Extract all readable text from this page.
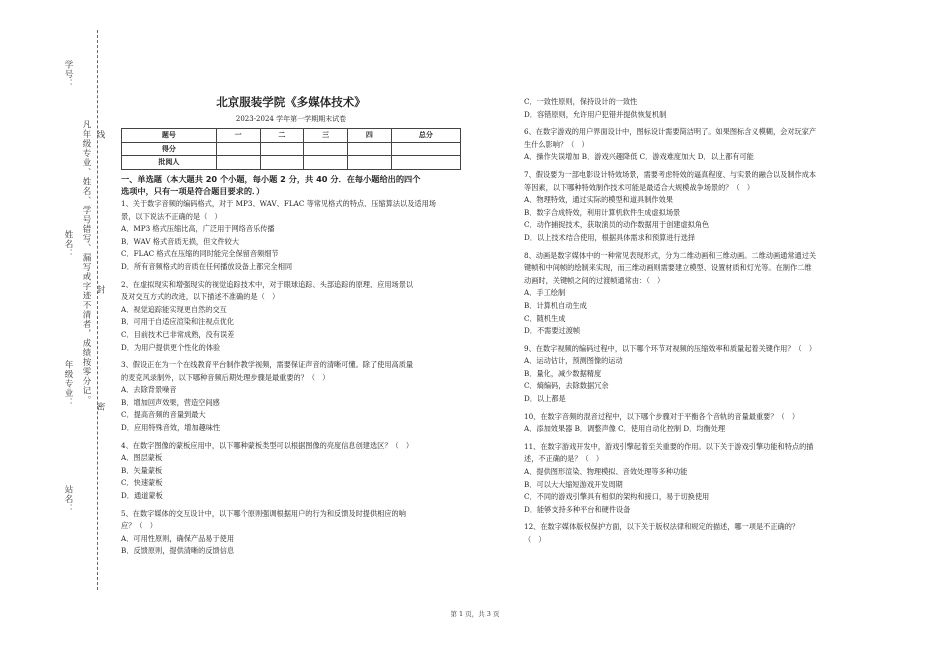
学号：
姓名：
年级专业：
站名：
凡年级专业、姓名、学号错写、漏写或字迹不清者，成绩按零分记。 线
封
密
北京服装学院《多媒体技术》
2023-2024 学年第一学期期末试卷
题号	一	二	三	四	总分
得分					
批阅人					
一、单选题（本大题共 20 个小题，每小题 2 分，共 40 分．在每小题给出的四个
选项中，只有一项是符合题目要求的．）
1、关于数字音频的编码格式，对于 MP3、WAV、FLAC 等常见格式的特点、压缩算法以及适用场
景，以下说法不正确的是（　）
A．MP3 格式压缩比高，广泛用于网络音乐传播
B．WAV 格式音质无损，但文件较大
C．FLAC 格式在压缩的同时能完全保留音频细节
D．所有音频格式的音质在任何播放设备上都完全相同
2、在虚拟现实和增强现实的视觉追踪技术中，对于眼球追踪、头部追踪的原理、应用场景以
及对交互方式的改进，以下描述不准确的是（　）
A．视觉追踪能实现更自然的交互
B．可用于自适应渲染和注视点优化
C．目前技术已非常成熟，没有误差
D．为用户提供更个性化的体验
3、假设正在为一个在线教育平台制作教学视频，需要保证声音的清晰可懂。除了使用高质量
的麦克风录制外，以下哪种音频后期处理步骤是最重要的？（　）
A．去除背景噪音
B．增加回声效果，营造空间感
C．提高音频的音量到最大
D．应用特殊音效，增加趣味性
4、在数字图像的蒙板应用中，以下哪种蒙板类型可以根据图像的亮度信息创建选区？（　）
A．图层蒙板
B．矢量蒙板
C．快速蒙板
D．通道蒙板
5、在数字媒体的交互设计中，以下哪个原则强调根据用户的行为和反馈及时提供相应的响
应？（　）
A．可用性原则，确保产品易于使用
B．反馈原则，提供清晰的反馈信息
C．一致性原则，保持设计的一致性
D．容错原则，允许用户犯错并提供恢复机制
6、在数字游戏的用户界面设计中，图标设计需要简洁明了。如果图标含义模糊，会对玩家产
生什么影响？（　）
A．操作失误增加 B．游戏兴趣降低 C．游戏难度加大 D．以上都有可能
7、假设要为一部电影设计特效场景，需要考虑特效的逼真程度、与实景的融合以及制作成本
等因素，以下哪种特效制作技术可能是最适合大规模战争场景的？（　）
A．物理特效，通过实际的模型和道具制作效果
B．数字合成特效，利用计算机软件生成虚拟场景
C．动作捕捉技术，获取演员的动作数据用于创建虚拟角色
D．以上技术结合使用，根据具体需求和预算进行选择
8、动画是数字媒体中的一种常见表现形式，分为二维动画和三维动画。二维动画通常通过关
键帧和中间帧的绘制来实现，而三维动画则需要建立模型、设置材质和灯光等。在制作二维
动画时，关键帧之间的过渡帧通常由：（　）
A．手工绘制
B．计算机自动生成
C．随机生成
D．不需要过渡帧
9、在数字视频的编码过程中，以下哪个环节对视频的压缩效率和质量起着关键作用？（　）
A．运动估计，预测图像的运动
B．量化，减少数据精度
C．熵编码，去除数据冗余
D．以上都是
10、在数字音频的混音过程中，以下哪个步骤对于平衡各个音轨的音量最重要？（　）
A．添加效果器 B．调整声像 C．使用自动化控制 D．均衡处理
11、在数字游戏开发中，游戏引擎起着至关重要的作用。以下关于游戏引擎功能和特点的描
述，不正确的是？（　）
A．提供图形渲染、物理模拟、音效处理等多种功能
B．可以大大缩短游戏开发周期
C．不同的游戏引擎具有相似的架构和接口，易于切换使用
D．能够支持多种平台和硬件设备
12、在数字媒体版权保护方面，以下关于版权法律和规定的描述，哪一项是不正确的？
（　）
第 1 页，共 3 页
